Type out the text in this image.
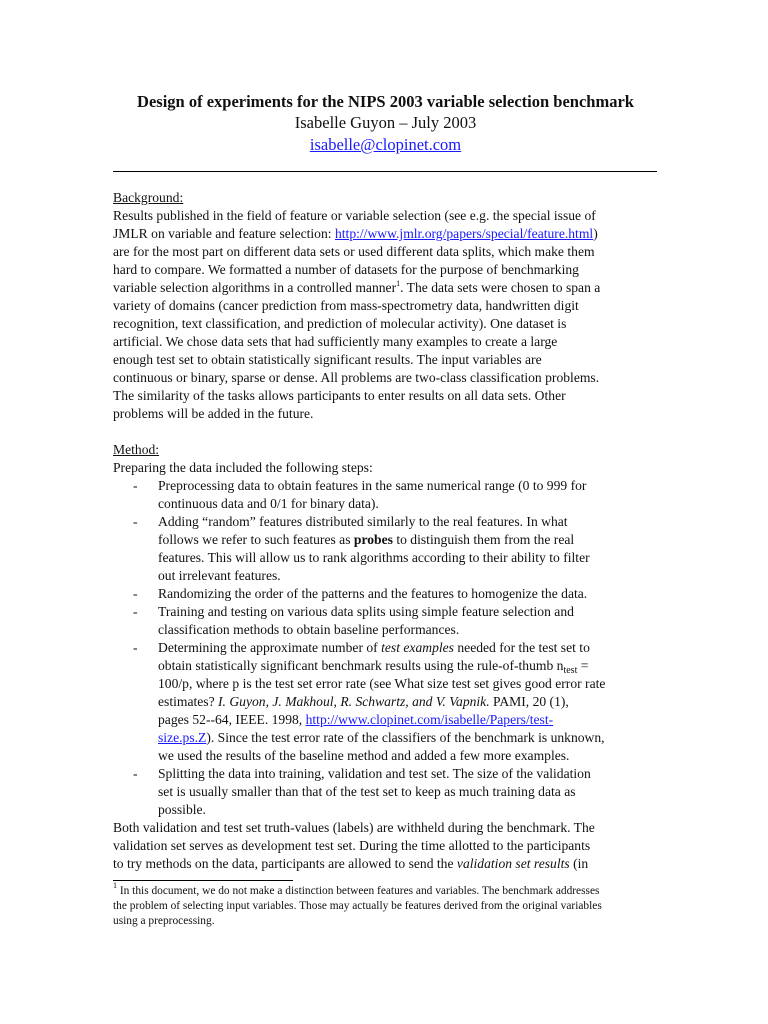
Design of experiments for the NIPS 2003 variable selection benchmark
Isabelle Guyon – July 2003
isabelle@clopinet.com
Background:
Results published in the field of feature or variable selection (see e.g. the special issue of
JMLR on variable and feature selection: http://www.jmlr.org/papers/special/feature.html)
are for the most part on different data sets or used different data splits, which make them
hard to compare. We formatted a number of datasets for the purpose of benchmarking
variable selection algorithms in a controlled manner$^1$. The data sets were chosen to span a
variety of domains (cancer prediction from mass-spectrometry data, handwritten digit
recognition, text classification, and prediction of molecular activity). One dataset is
artificial. We chose data sets that had sufficiently many examples to create a large
enough test set to obtain statistically significant results. The input variables are
continuous or binary, sparse or dense. All problems are two-class classification problems.
The similarity of the tasks allows participants to enter results on all data sets. Other
problems will be added in the future.
Method:
Preparing the data included the following steps:
- Preprocessing data to obtain features in the same numerical range (0 to 999 for
continuous data and 0/1 for binary data).
- Adding “random” features distributed similarly to the real features. In what
follows we refer to such features as probes to distinguish them from the real
features. This will allow us to rank algorithms according to their ability to filter
out irrelevant features.
- Randomizing the order of the patterns and the features to homogenize the data.
- Training and testing on various data splits using simple feature selection and
classification methods to obtain baseline performances.
- Determining the approximate number of test examples needed for the test set to
obtain statistically significant benchmark results using the rule-of-thumb $n_{test}$ =
100/p, where p is the test set error rate (see What size test set gives good error rate
estimates? I. Guyon, J. Makhoul, R. Schwartz, and V. Vapnik. PAMI, 20 (1),
pages 52--64, IEEE. 1998, http://www.clopinet.com/isabelle/Papers/test-
size.ps.Z). Since the test error rate of the classifiers of the benchmark is unknown,
we used the results of the baseline method and added a few more examples.
- Splitting the data into training, validation and test set. The size of the validation
set is usually smaller than that of the test set to keep as much training data as
possible.
Both validation and test set truth-values (labels) are withheld during the benchmark. The
validation set serves as development test set. During the time allotted to the participants
to try methods on the data, participants are allowed to send the validation set results (in
$^1$ In this document, we do not make a distinction between features and variables. The benchmark addresses
the problem of selecting input variables. Those may actually be features derived from the original variables
using a preprocessing.
